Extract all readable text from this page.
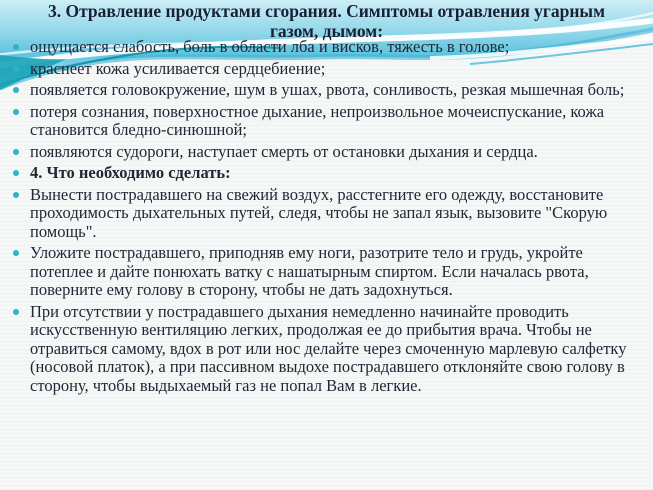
3. Отравление продуктами сгорания. Симптомы отравления угарным газом, дымом:
ощущается слабость, боль в области лба и висков, тяжесть в голове;
краснеет кожа усиливается сердцебиение;
появляется головокружение, шум в ушах, рвота, сонливость, резкая мышечная боль;
потеря сознания, поверхностное дыхание, непроизвольное мочеиспускание, кожа становится бледно-синюшной;
появляются судороги, наступает смерть от остановки дыхания и сердца.
4. Что необходимо сделать:
Вынести пострадавшего на свежий воздух, расстегните его одежду, восстановите проходимость дыхательных путей, следя, чтобы не запал язык, вызовите "Скорую помощь".
Уложите пострадавшего, приподняв ему ноги, разотрите тело и грудь, укройте потеплее и дайте понюхать ватку с нашатырным спиртом. Если началась рвота, поверните ему голову в сторону, чтобы не дать задохнуться.
При отсутствии у пострадавшего дыхания немедленно начинайте проводить искусственную вентиляцию легких, продолжая ее до прибытия врача. Чтобы не отравиться самому, вдох в рот или нос делайте через смоченную марлевую салфетку (носовой платок), а при пассивном выдохе пострадавшего отклоняйте свою голову в сторону, чтобы выдыхаемый газ не попал Вам в легкие.
